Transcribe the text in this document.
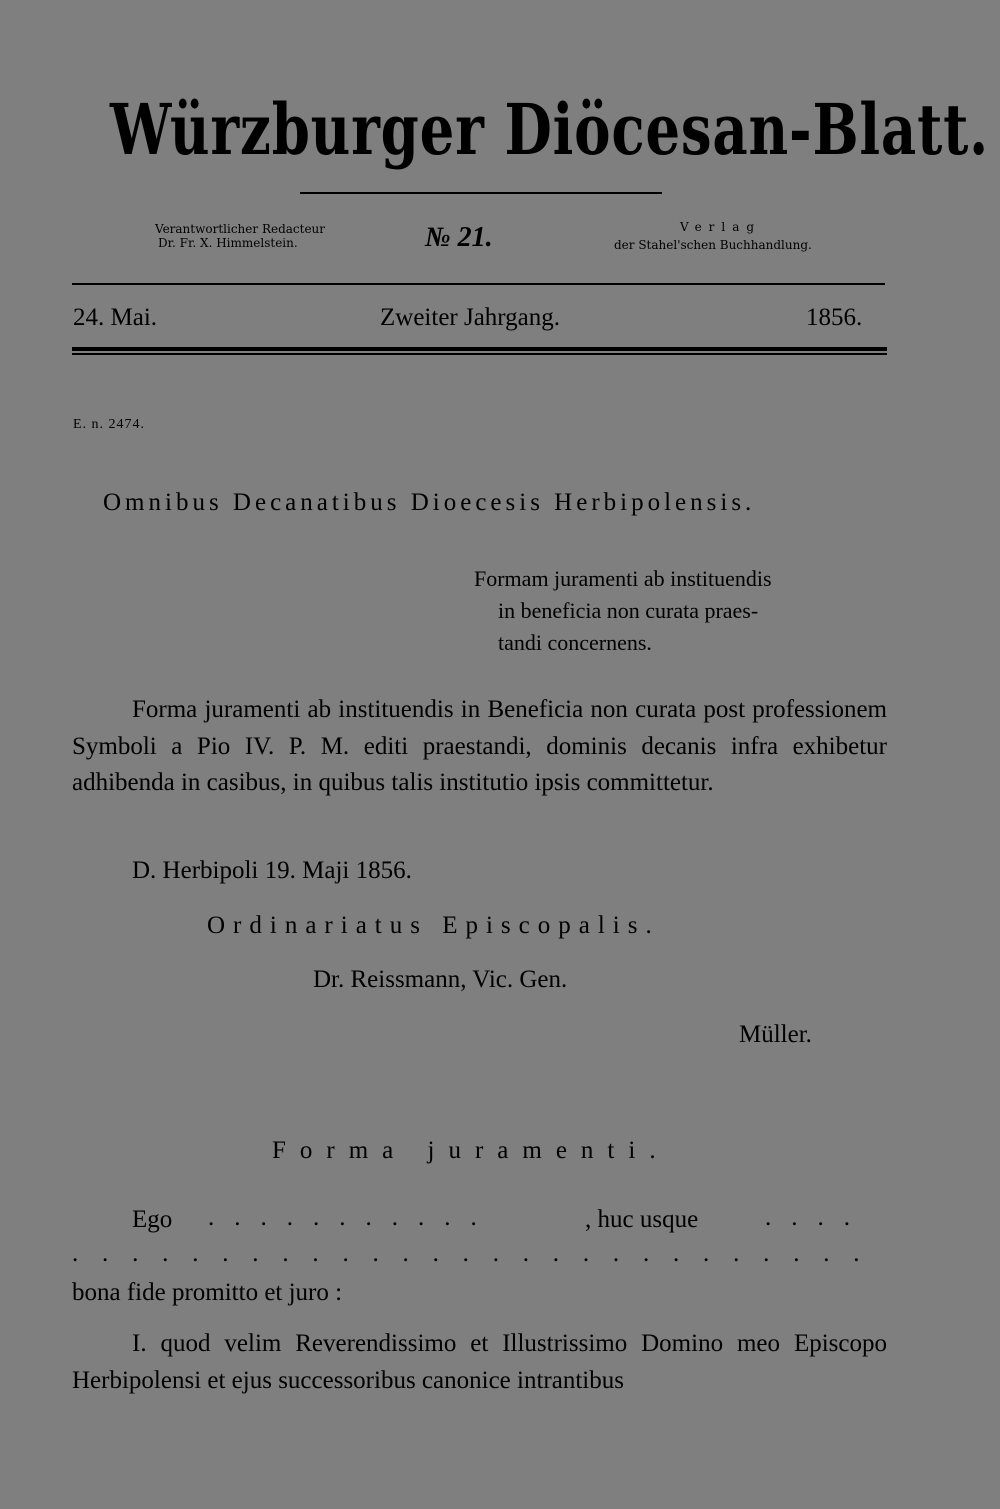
Würzburger Diöcesan-Blatt.
Verantwortlicher Redacteur
Dr. Fr. X. Himmelstein.	№ 21.	Verlag
der Stahel'schen Buchhandlung.
24. Mai.	Zweiter Jahrgang.	1856.
E. n. 2474.
Omnibus Decanatibus Dioecesis Herbipolensis.
Formam juramenti ab instituendis
in beneficia non curata praes-
tandi concernens.
Forma juramenti ab instituendis in Beneficia non curata post professionem Symboli a Pio IV. P. M. editi praestandi, dominis decanis infra exhibetur adhibenda in casibus, in quibus talis institutio ipsis committetur.
D. Herbipoli 19. Maji 1856.
Ordinariatus Episcopalis.
Dr. Reissmann, Vic. Gen.
Müller.
Forma juramenti.
Ego ...........	, huc usque	....
...........................
bona fide promitto et juro :
I. quod velim Reverendissimo et Illustrissimo Domino meo Episcopo Herbipolensi et ejus successoribus canonice intrantibus
